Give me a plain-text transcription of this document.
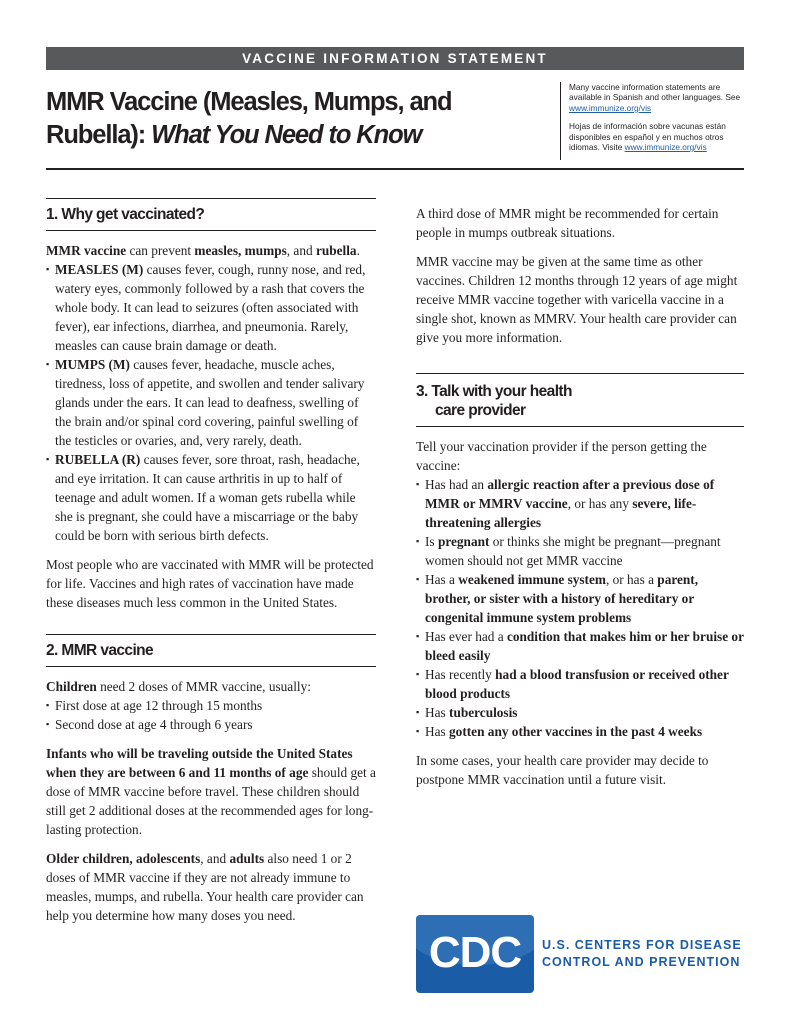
VACCINE INFORMATION STATEMENT
MMR Vaccine (Measles, Mumps, and Rubella): What You Need to Know

Many vaccine information statements are available in Spanish and other languages. See www.immunize.org/vis

Hojas de información sobre vacunas están disponibles en español y en muchos otros idiomas. Visite www.immunize.org/vis

1. Why get vaccinated?

MMR vaccine can prevent measles, mumps, and rubella.

▪ MEASLES (M) causes fever, cough, runny nose, and red, watery eyes, commonly followed by a rash that covers the whole body. It can lead to seizures (often associated with fever), ear infections, diarrhea, and pneumonia. Rarely, measles can cause brain damage or death.
▪ MUMPS (M) causes fever, headache, muscle aches, tiredness, loss of appetite, and swollen and tender salivary glands under the ears. It can lead to deafness, swelling of the brain and/or spinal cord covering, painful swelling of the testicles or ovaries, and, very rarely, death.
▪ RUBELLA (R) causes fever, sore throat, rash, headache, and eye irritation. It can cause arthritis in up to half of teenage and adult women. If a woman gets rubella while she is pregnant, she could have a miscarriage or the baby could be born with serious birth defects.

Most people who are vaccinated with MMR will be protected for life. Vaccines and high rates of vaccination have made these diseases much less common in the United States.

2. MMR vaccine

Children need 2 doses of MMR vaccine, usually:

▪ First dose at age 12 through 15 months
▪ Second dose at age 4 through 6 years

Infants who will be traveling outside the United States when they are between 6 and 11 months of age should get a dose of MMR vaccine before travel. These children should still get 2 additional doses at the recommended ages for long-lasting protection.

Older children, adolescents, and adults also need 1 or 2 doses of MMR vaccine if they are not already immune to measles, mumps, and rubella. Your health care provider can help you determine how many doses you need.

A third dose of MMR might be recommended for certain people in mumps outbreak situations.

MMR vaccine may be given at the same time as other vaccines. Children 12 months through 12 years of age might receive MMR vaccine together with varicella vaccine in a single shot, known as MMRV. Your health care provider can give you more information.

3. Talk with your health
care provider

Tell your vaccination provider if the person getting the vaccine:

▪ Has had an allergic reaction after a previous dose of MMR or MMRV vaccine, or has any severe, life-threatening allergies
▪ Is pregnant or thinks she might be pregnant—pregnant women should not get MMR vaccine
▪ Has a weakened immune system, or has a parent, brother, or sister with a history of hereditary or congenital immune system problems
▪ Has ever had a condition that makes him or her bruise or bleed easily
▪ Has recently had a blood transfusion or received other blood products
▪ Has tuberculosis
▪ Has gotten any other vaccines in the past 4 weeks

In some cases, your health care provider may decide to postpone MMR vaccination until a future visit.

CDC	U.S. CENTERS FOR DISEASE
CONTROL AND PREVENTION
